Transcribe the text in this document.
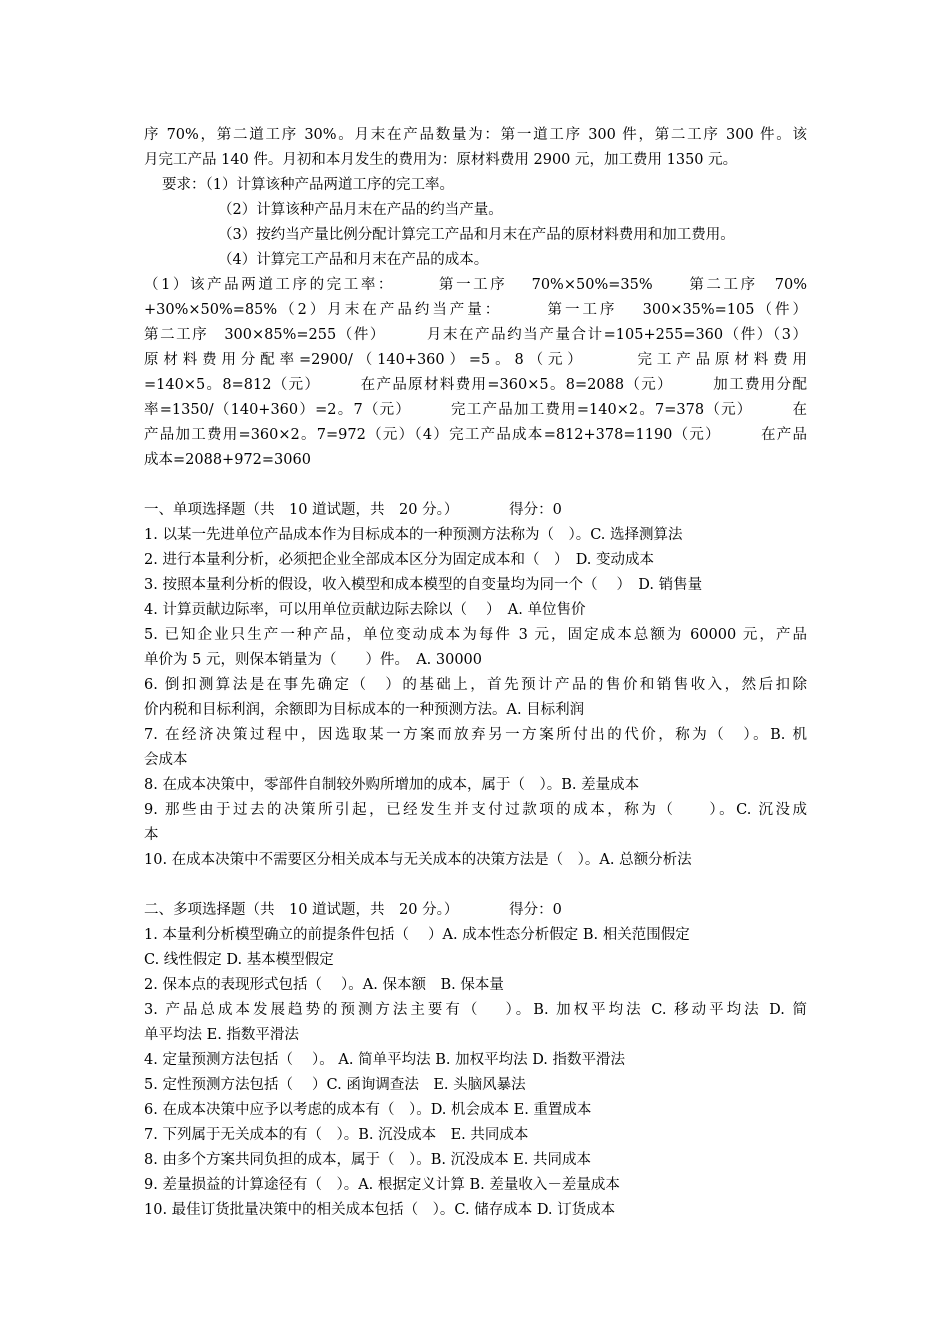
序 70%，第二道工序 30%。月末在产品数量为：第一道工序 300 件，第二工序 300 件。该
月完工产品 140 件。月初和本月发生的费用为：原材料费用 2900 元，加工费用 1350 元。
要求：（1）计算该种产品两道工序的完工率。
（2）计算该种产品月末在产品的约当产量。
（3）按约当产量比例分配计算完工产品和月末在产品的原材料费用和加工费用。
（4）计算完工产品和月末在产品的成本。
（1）该产品两道工序的完工率：　　　第一工序　 70%×50%=35%　　第二工序　70%
+30%×50%=85%（2）月末在产品约当产量：　　　第一工序　 300×35%=105（件）
第二工序　300×85%=255（件）　　　月末在产品约当产量合计=105+255=360（件）（3）
原材料费用分配率=2900/（140+360）=5。8（元）　　　完工产品原材料费用
=140×5。8=812（元）　　　在产品原材料费用=360×5。8=2088（元）　　　加工费用分配
率=1350/（140+360）=2。7（元）　　　完工产品加工费用=140×2。7=378（元）　　　在
产品加工费用=360×2。7=972（元）（4）完工产品成本=812+378=1190（元）　　　在产品
成本=2088+972=3060
一、单项选择题（共　10 道试题，共　20 分。）　　　　得分：0
1. 以某一先进单位产品成本作为目标成本的一种预测方法称为（　）。C. 选择测算法
2. 进行本量利分析，必须把企业全部成本区分为固定成本和（　）　D. 变动成本
3. 按照本量利分析的假设，收入模型和成本模型的自变量均为同一个（　 ）　D. 销售量
4. 计算贡献边际率，可以用单位贡献边际去除以（　 ）　A. 单位售价
5. 已知企业只生产一种产品，单位变动成本为每件 3 元，固定成本总额为 60000 元，产品
单价为 5 元，则保本销量为（　　）件。　A. 30000
6. 倒扣测算法是在事先确定（　）的基础上，首先预计产品的售价和销售收入，然后扣除
价内税和目标利润，余额即为目标成本的一种预测方法。A. 目标利润
7. 在经济决策过程中，因选取某一方案而放弃另一方案所付出的代价，称为（　）。B. 机
会成本
8. 在成本决策中，零部件自制较外购所增加的成本，属于（　）。B. 差量成本
9. 那些由于过去的决策所引起，已经发生并支付过款项的成本，称为（　　）。C. 沉没成
本
10. 在成本决策中不需要区分相关成本与无关成本的决策方法是（　）。A. 总额分析法
二、多项选择题（共　10 道试题，共　20 分。）　　　　得分：0
1. 本量利分析模型确立的前提条件包括（　 ）A. 成本性态分析假定 B. 相关范围假定
C. 线性假定 D. 基本模型假定
2. 保本点的表现形式包括（　 ）。A. 保本额　B. 保本量
3. 产品总成本发展趋势的预测方法主要有（　 ）。B. 加权平均法 C. 移动平均法 D. 简
单平均法 E. 指数平滑法
4. 定量预测方法包括（　 ）。 A. 简单平均法 B. 加权平均法 D. 指数平滑法
5. 定性预测方法包括（　 ）C. 函询调查法　E. 头脑风暴法
6. 在成本决策中应予以考虑的成本有（　）。D. 机会成本 E. 重置成本
7. 下列属于无关成本的有（　）。B. 沉没成本　E. 共同成本
8. 由多个方案共同负担的成本，属于（　）。B. 沉没成本 E. 共同成本
9. 差量损益的计算途径有（　）。A. 根据定义计算 B. 差量收入－差量成本
10. 最佳订货批量决策中的相关成本包括（　）。C. 储存成本 D. 订货成本
